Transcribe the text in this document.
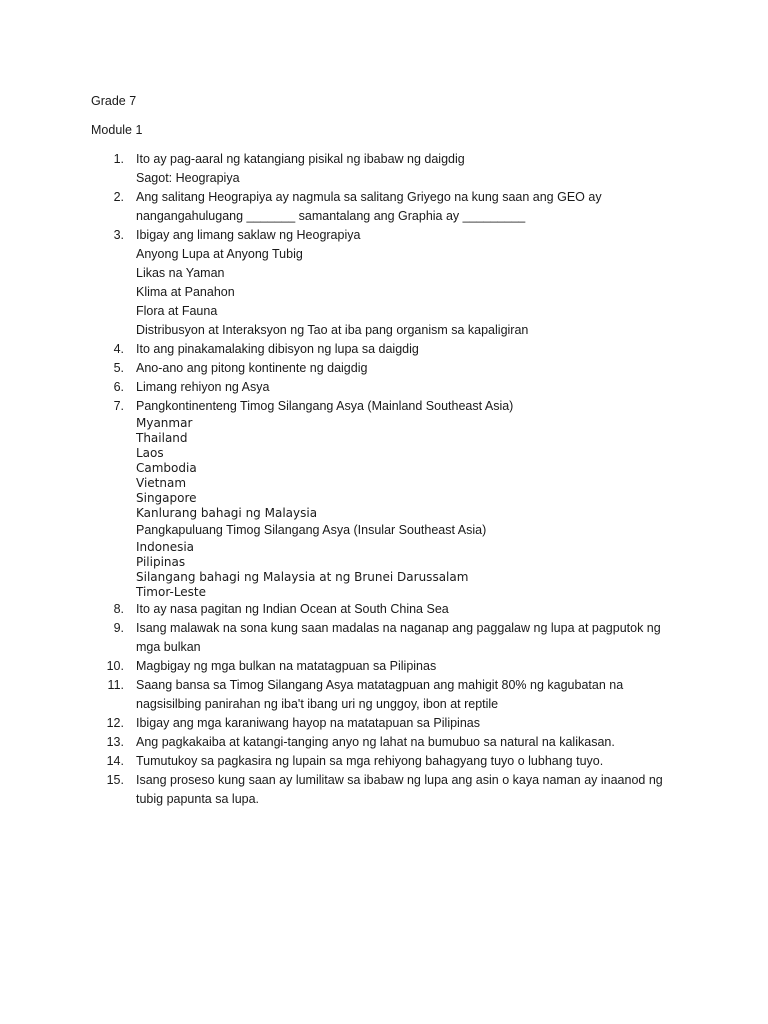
Grade 7
Module 1
1. Ito ay pag-aaral ng katangiang pisikal ng ibabaw ng daigdig
Sagot: Heograpiya
2. Ang salitang Heograpiya ay nagmula sa salitang Griyego na kung saan ang GEO ay
nangangahulugang _______ samantalang ang Graphia ay _________
3. Ibigay ang limang saklaw ng Heograpiya
Anyong Lupa at Anyong Tubig
Likas na Yaman
Klima at Panahon
Flora at Fauna
Distribusyon at Interaksyon ng Tao at iba pang organism sa kapaligiran
4. Ito ang pinakamalaking dibisyon ng lupa sa daigdig
5. Ano-ano ang pitong kontinente ng daigdig
6. Limang rehiyon ng Asya
7. Pangkontinenteng Timog Silangang Asya (Mainland Southeast Asia)
Myanmar
Thailand
Laos
Cambodia
Vietnam
Singapore
Kanlurang bahagi ng Malaysia
Pangkapuluang Timog Silangang Asya (Insular Southeast Asia)
Indonesia
Pilipinas
Silangang bahagi ng Malaysia at ng Brunei Darussalam
Timor-Leste
8. Ito ay nasa pagitan ng Indian Ocean at South China Sea
9. Isang malawak na sona kung saan madalas na naganap ang paggalaw ng lupa at pagputok ng
mga bulkan
10. Magbigay ng mga bulkan na matatagpuan sa Pilipinas
11. Saang bansa sa Timog Silangang Asya matatagpuan ang mahigit 80% ng kagubatan na
nagsisilbing panirahan ng iba't ibang uri ng unggoy, ibon at reptile
12. Ibigay ang mga karaniwang hayop na matatapuan sa Pilipinas
13. Ang pagkakaiba at katangi-tanging anyo ng lahat na bumubuo sa natural na kalikasan.
14. Tumutukoy sa pagkasira ng lupain sa mga rehiyong bahagyang tuyo o lubhang tuyo.
15. Isang proseso kung saan ay lumilitaw sa ibabaw ng lupa ang asin o kaya naman ay inaanod ng
tubig papunta sa lupa.
